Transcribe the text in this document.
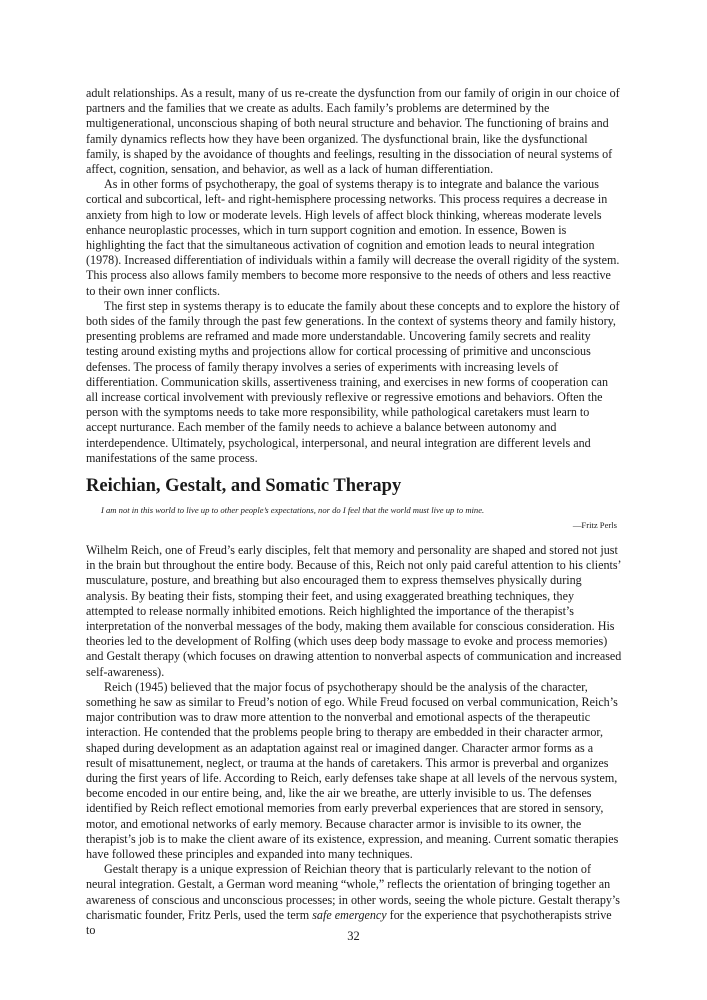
adult relationships. As a result, many of us re-create the dysfunction from our family of origin in our choice of partners and the families that we create as adults. Each family’s problems are determined by the multigenerational, unconscious shaping of both neural structure and behavior. The functioning of brains and family dynamics reflects how they have been organized. The dysfunctional brain, like the dysfunctional family, is shaped by the avoidance of thoughts and feelings, resulting in the dissociation of neural systems of affect, cognition, sensation, and behavior, as well as a lack of human differentiation.

As in other forms of psychotherapy, the goal of systems therapy is to integrate and balance the various cortical and subcortical, left- and right-hemisphere processing networks. This process requires a decrease in anxiety from high to low or moderate levels. High levels of affect block thinking, whereas moderate levels enhance neuroplastic processes, which in turn support cognition and emotion. In essence, Bowen is highlighting the fact that the simultaneous activation of cognition and emotion leads to neural integration (1978). Increased differentiation of individuals within a family will decrease the overall rigidity of the system. This process also allows family members to become more responsive to the needs of others and less reactive to their own inner conflicts.

The first step in systems therapy is to educate the family about these concepts and to explore the history of both sides of the family through the past few generations. In the context of systems theory and family history, presenting problems are reframed and made more understandable. Uncovering family secrets and reality testing around existing myths and projections allow for cortical processing of primitive and unconscious defenses. The process of family therapy involves a series of experiments with increasing levels of differentiation. Communication skills, assertiveness training, and exercises in new forms of cooperation can all increase cortical involvement with previously reflexive or regressive emotions and behaviors. Often the person with the symptoms needs to take more responsibility, while pathological caretakers must learn to accept nurturance. Each member of the family needs to achieve a balance between autonomy and interdependence. Ultimately, psychological, interpersonal, and neural integration are different levels and manifestations of the same process.

Reichian, Gestalt, and Somatic Therapy

I am not in this world to live up to other people’s expectations, nor do I feel that the world must live up to mine.

—Fritz Perls

Wilhelm Reich, one of Freud’s early disciples, felt that memory and personality are shaped and stored not just in the brain but throughout the entire body. Because of this, Reich not only paid careful attention to his clients’ musculature, posture, and breathing but also encouraged them to express themselves physically during analysis. By beating their fists, stomping their feet, and using exaggerated breathing techniques, they attempted to release normally inhibited emotions. Reich highlighted the importance of the therapist’s interpretation of the nonverbal messages of the body, making them available for conscious consideration. His theories led to the development of Rolfing (which uses deep body massage to evoke and process memories) and Gestalt therapy (which focuses on drawing attention to nonverbal aspects of communication and increased self-awareness).

Reich (1945) believed that the major focus of psychotherapy should be the analysis of the character, something he saw as similar to Freud’s notion of ego. While Freud focused on verbal communication, Reich’s major contribution was to draw more attention to the nonverbal and emotional aspects of the therapeutic interaction. He contended that the problems people bring to therapy are embedded in their character armor, shaped during development as an adaptation against real or imagined danger. Character armor forms as a result of misattunement, neglect, or trauma at the hands of caretakers. This armor is preverbal and organizes during the first years of life. According to Reich, early defenses take shape at all levels of the nervous system, become encoded in our entire being, and, like the air we breathe, are utterly invisible to us. The defenses identified by Reich reflect emotional memories from early preverbal experiences that are stored in sensory, motor, and emotional networks of early memory. Because character armor is invisible to its owner, the therapist’s job is to make the client aware of its existence, expression, and meaning. Current somatic therapies have followed these principles and expanded into many techniques.

Gestalt therapy is a unique expression of Reichian theory that is particularly relevant to the notion of neural integration. Gestalt, a German word meaning “whole,” reflects the orientation of bringing together an awareness of conscious and unconscious processes; in other words, seeing the whole picture. Gestalt therapy’s charismatic founder, Fritz Perls, used the term safe emergency for the experience that psychotherapists strive to	32
